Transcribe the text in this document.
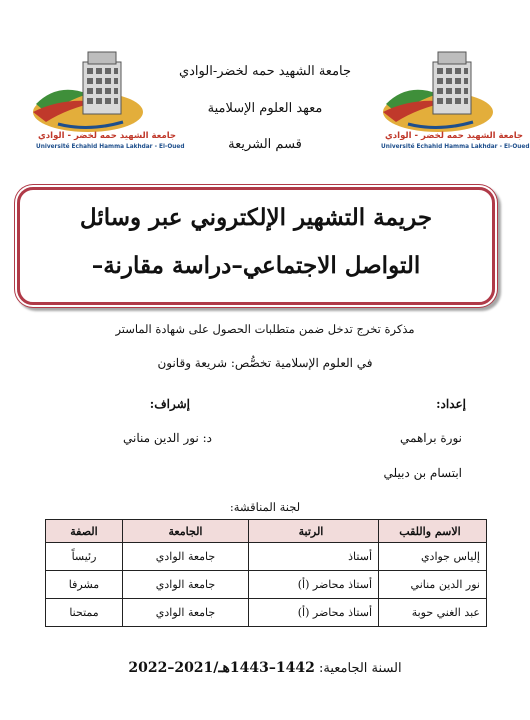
جامعة الشهيد حمه لخضر - الوادي
Université Echahid Hamma Lakhdar - El-Oued
جامعة الشهيد حمه لخضر - الوادي
Université Echahid Hamma Lakhdar - El-Oued
جامعة الشهيد حمه لخضر-الوادي
معهد العلوم الإسلامية
قسم الشريعة
جريمة التشهير الإلكتروني عبر وسائل
التواصل الاجتماعي–دراسة مقارنة–
مذكرة تخرج تدخل ضمن متطلبات الحصول على شهادة الماستر
في العلوم الإسلامية تخصُّص: شريعة وقانون
إعداد:
نورة براهمي
ابتسام بن دبيلي
إشراف:
د: نور الدين مناني
لجنة المناقشة:
الاسم واللقب	الرتبة	الجامعة	الصفة
إلياس جوادي	أستاذ	جامعة الوادي	رئيساً
نور الدين مناني	أستاذ محاضر (أ)	جامعة الوادي	مشرفا
عبد الغني حوبة	أستاذ محاضر (أ)	جامعة الوادي	ممتحنا
السنة الجامعية: 1442–1443هـ/2021–2022
